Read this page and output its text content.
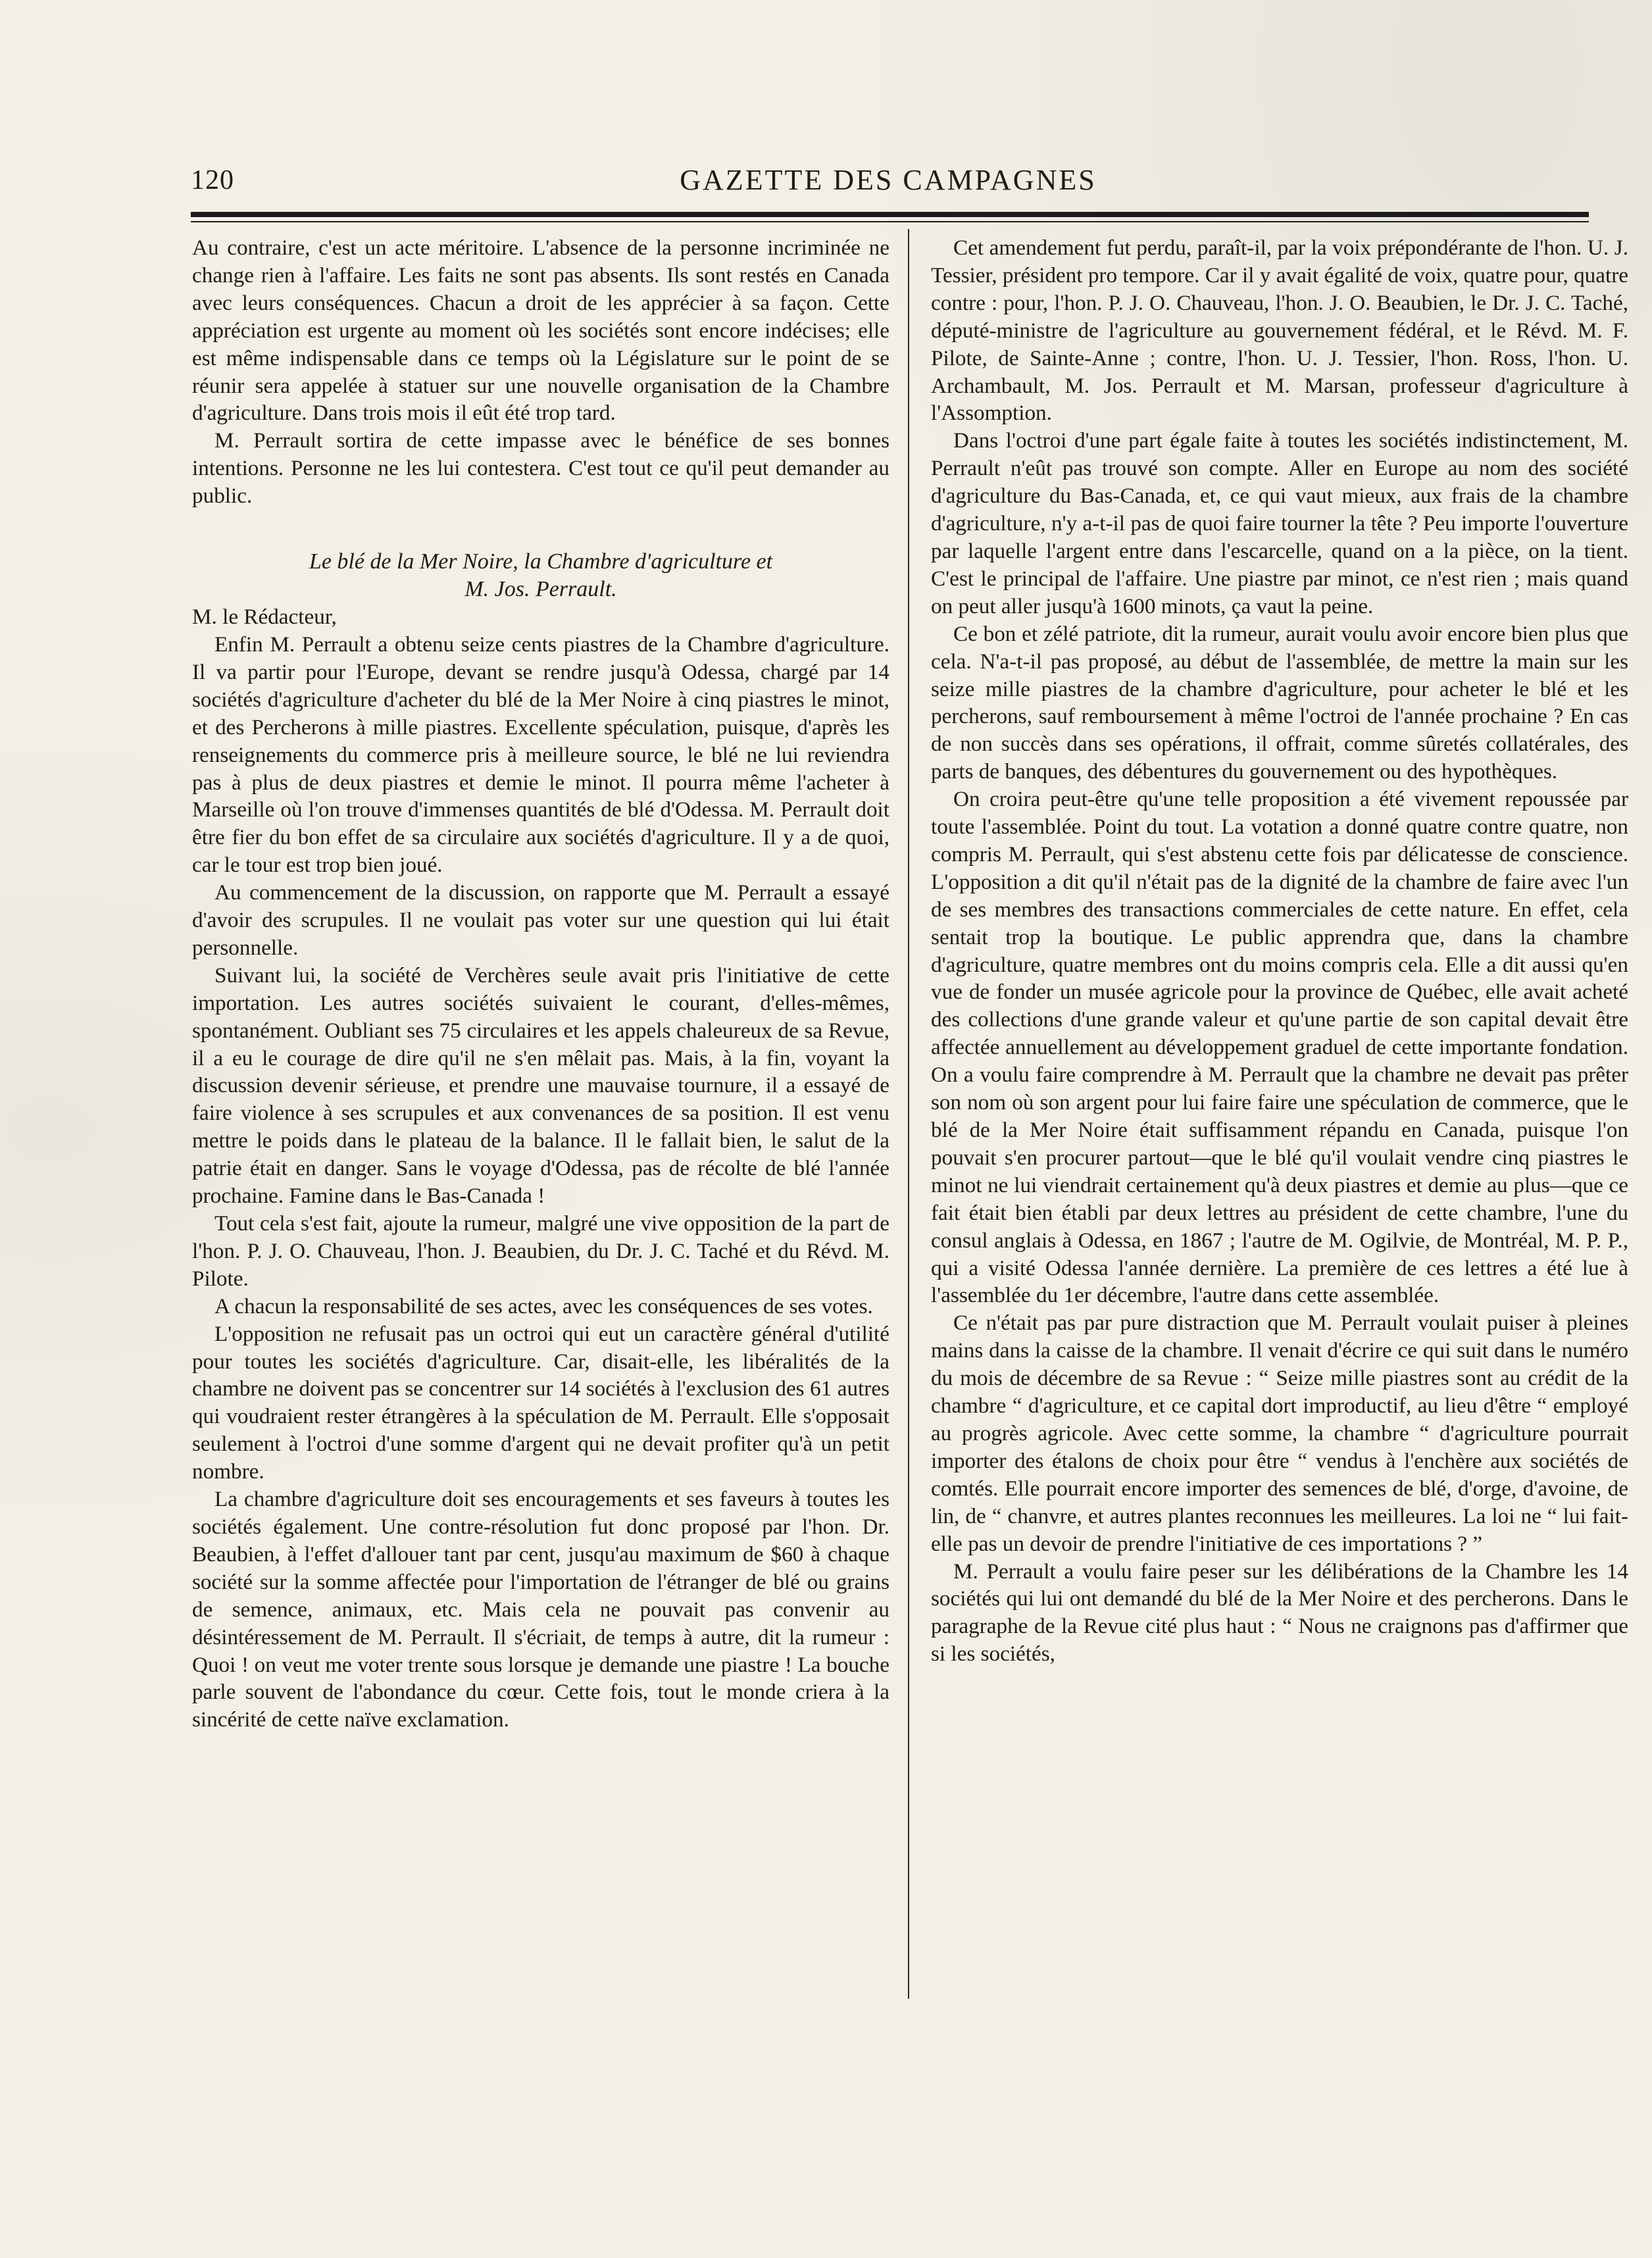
120	GAZETTE DES CAMPAGNES

Au contraire, c'est un acte méritoire. L'absence de la personne incriminée ne change rien à l'affaire. Les faits ne sont pas absents. Ils sont restés en Canada avec leurs conséquences. Chacun a droit de les apprécier à sa façon. Cette appréciation est urgente au moment où les sociétés sont encore indécises; elle est même indispensable dans ce temps où la Législature sur le point de se réunir sera appelée à statuer sur une nouvelle organisation de la Chambre d'agriculture. Dans trois mois il eût été trop tard.

M. Perrault sortira de cette impasse avec le bénéfice de ses bonnes intentions. Personne ne les lui contestera. C'est tout ce qu'il peut demander au public.

Le blé de la Mer Noire, la Chambre d'agriculture et
M. Jos. Perrault.

M. le Rédacteur,

Enfin M. Perrault a obtenu seize cents piastres de la Chambre d'agriculture. Il va partir pour l'Europe, devant se rendre jusqu'à Odessa, chargé par 14 sociétés d'agriculture d'acheter du blé de la Mer Noire à cinq piastres le minot, et des Percherons à mille piastres. Excellente spéculation, puisque, d'après les renseignements du commerce pris à meilleure source, le blé ne lui reviendra pas à plus de deux piastres et demie le minot. Il pourra même l'acheter à Marseille où l'on trouve d'immenses quantités de blé d'Odessa. M. Perrault doit être fier du bon effet de sa circulaire aux sociétés d'agriculture. Il y a de quoi, car le tour est trop bien joué.

Au commencement de la discussion, on rapporte que M. Perrault a essayé d'avoir des scrupules. Il ne voulait pas voter sur une question qui lui était personnelle.

Suivant lui, la société de Verchères seule avait pris l'initiative de cette importation. Les autres sociétés suivaient le courant, d'elles-mêmes, spontanément. Oubliant ses 75 circulaires et les appels chaleureux de sa Revue, il a eu le courage de dire qu'il ne s'en mêlait pas. Mais, à la fin, voyant la discussion devenir sérieuse, et prendre une mauvaise tournure, il a essayé de faire violence à ses scrupules et aux convenances de sa position. Il est venu mettre le poids dans le plateau de la balance. Il le fallait bien, le salut de la patrie était en danger. Sans le voyage d'Odessa, pas de récolte de blé l'année prochaine. Famine dans le Bas-Canada !

Tout cela s'est fait, ajoute la rumeur, malgré une vive opposition de la part de l'hon. P. J. O. Chauveau, l'hon. J. Beaubien, du Dr. J. C. Taché et du Révd. M. Pilote.

A chacun la responsabilité de ses actes, avec les conséquences de ses votes.

L'opposition ne refusait pas un octroi qui eut un caractère général d'utilité pour toutes les sociétés d'agriculture. Car, disait-elle, les libéralités de la chambre ne doivent pas se concentrer sur 14 sociétés à l'exclusion des 61 autres qui voudraient rester étrangères à la spéculation de M. Perrault. Elle s'opposait seulement à l'octroi d'une somme d'argent qui ne devait profiter qu'à un petit nombre.

La chambre d'agriculture doit ses encouragements et ses faveurs à toutes les sociétés également. Une contre-résolution fut donc proposé par l'hon. Dr. Beaubien, à l'effet d'allouer tant par cent, jusqu'au maximum de $60 à chaque société sur la somme affectée pour l'importation de l'étranger de blé ou grains de semence, animaux, etc. Mais cela ne pouvait pas convenir au désintéressement de M. Perrault. Il s'écriait, de temps à autre, dit la rumeur : Quoi ! on veut me voter trente sous lorsque je demande une piastre ! La bouche parle souvent de l'abondance du cœur. Cette fois, tout le monde criera à la sincérité de cette naïve exclamation.

Cet amendement fut perdu, paraît-il, par la voix prépondérante de l'hon. U. J. Tessier, président pro tempore. Car il y avait égalité de voix, quatre pour, quatre contre : pour, l'hon. P. J. O. Chauveau, l'hon. J. O. Beaubien, le Dr. J. C. Taché, député-ministre de l'agriculture au gouvernement fédéral, et le Révd. M. F. Pilote, de Sainte-Anne ; contre, l'hon. U. J. Tessier, l'hon. Ross, l'hon. U. Archambault, M. Jos. Perrault et M. Marsan, professeur d'agriculture à l'Assomption.

Dans l'octroi d'une part égale faite à toutes les sociétés indistinctement, M. Perrault n'eût pas trouvé son compte. Aller en Europe au nom des société d'agriculture du Bas-Canada, et, ce qui vaut mieux, aux frais de la chambre d'agriculture, n'y a-t-il pas de quoi faire tourner la tête ? Peu importe l'ouverture par laquelle l'argent entre dans l'escarcelle, quand on a la pièce, on la tient. C'est le principal de l'affaire. Une piastre par minot, ce n'est rien ; mais quand on peut aller jusqu'à 1600 minots, ça vaut la peine.

Ce bon et zélé patriote, dit la rumeur, aurait voulu avoir encore bien plus que cela. N'a-t-il pas proposé, au début de l'assemblée, de mettre la main sur les seize mille piastres de la chambre d'agriculture, pour acheter le blé et les percherons, sauf remboursement à même l'octroi de l'année prochaine ? En cas de non succès dans ses opérations, il offrait, comme sûretés collatérales, des parts de banques, des débentures du gouvernement ou des hypothèques.

On croira peut-être qu'une telle proposition a été vivement repoussée par toute l'assemblée. Point du tout. La votation a donné quatre contre quatre, non compris M. Perrault, qui s'est abstenu cette fois par délicatesse de conscience. L'opposition a dit qu'il n'était pas de la dignité de la chambre de faire avec l'un de ses membres des transactions commerciales de cette nature. En effet, cela sentait trop la boutique. Le public apprendra que, dans la chambre d'agriculture, quatre membres ont du moins compris cela. Elle a dit aussi qu'en vue de fonder un musée agricole pour la province de Québec, elle avait acheté des collections d'une grande valeur et qu'une partie de son capital devait être affectée annuellement au développement graduel de cette importante fondation. On a voulu faire comprendre à M. Perrault que la chambre ne devait pas prêter son nom où son argent pour lui faire faire une spéculation de commerce, que le blé de la Mer Noire était suffisamment répandu en Canada, puisque l'on pouvait s'en procurer partout—que le blé qu'il voulait vendre cinq piastres le minot ne lui viendrait certainement qu'à deux piastres et demie au plus—que ce fait était bien établi par deux lettres au président de cette chambre, l'une du consul anglais à Odessa, en 1867 ; l'autre de M. Ogilvie, de Montréal, M. P. P., qui a visité Odessa l'année dernière. La première de ces lettres a été lue à l'assemblée du 1er décembre, l'autre dans cette assemblée.

Ce n'était pas par pure distraction que M. Perrault voulait puiser à pleines mains dans la caisse de la chambre. Il venait d'écrire ce qui suit dans le numéro du mois de décembre de sa Revue : “ Seize mille piastres sont au crédit de la chambre “ d'agriculture, et ce capital dort improductif, au lieu d'être “ employé au progrès agricole. Avec cette somme, la chambre “ d'agriculture pourrait importer des étalons de choix pour être “ vendus à l'enchère aux sociétés de comtés. Elle pourrait encore importer des semences de blé, d'orge, d'avoine, de lin, de “ chanvre, et autres plantes reconnues les meilleures. La loi ne “ lui fait-elle pas un devoir de prendre l'initiative de ces importations ? ”

M. Perrault a voulu faire peser sur les délibérations de la Chambre les 14 sociétés qui lui ont demandé du blé de la Mer Noire et des percherons. Dans le paragraphe de la Revue cité plus haut : “ Nous ne craignons pas d'affirmer que si les sociétés,
